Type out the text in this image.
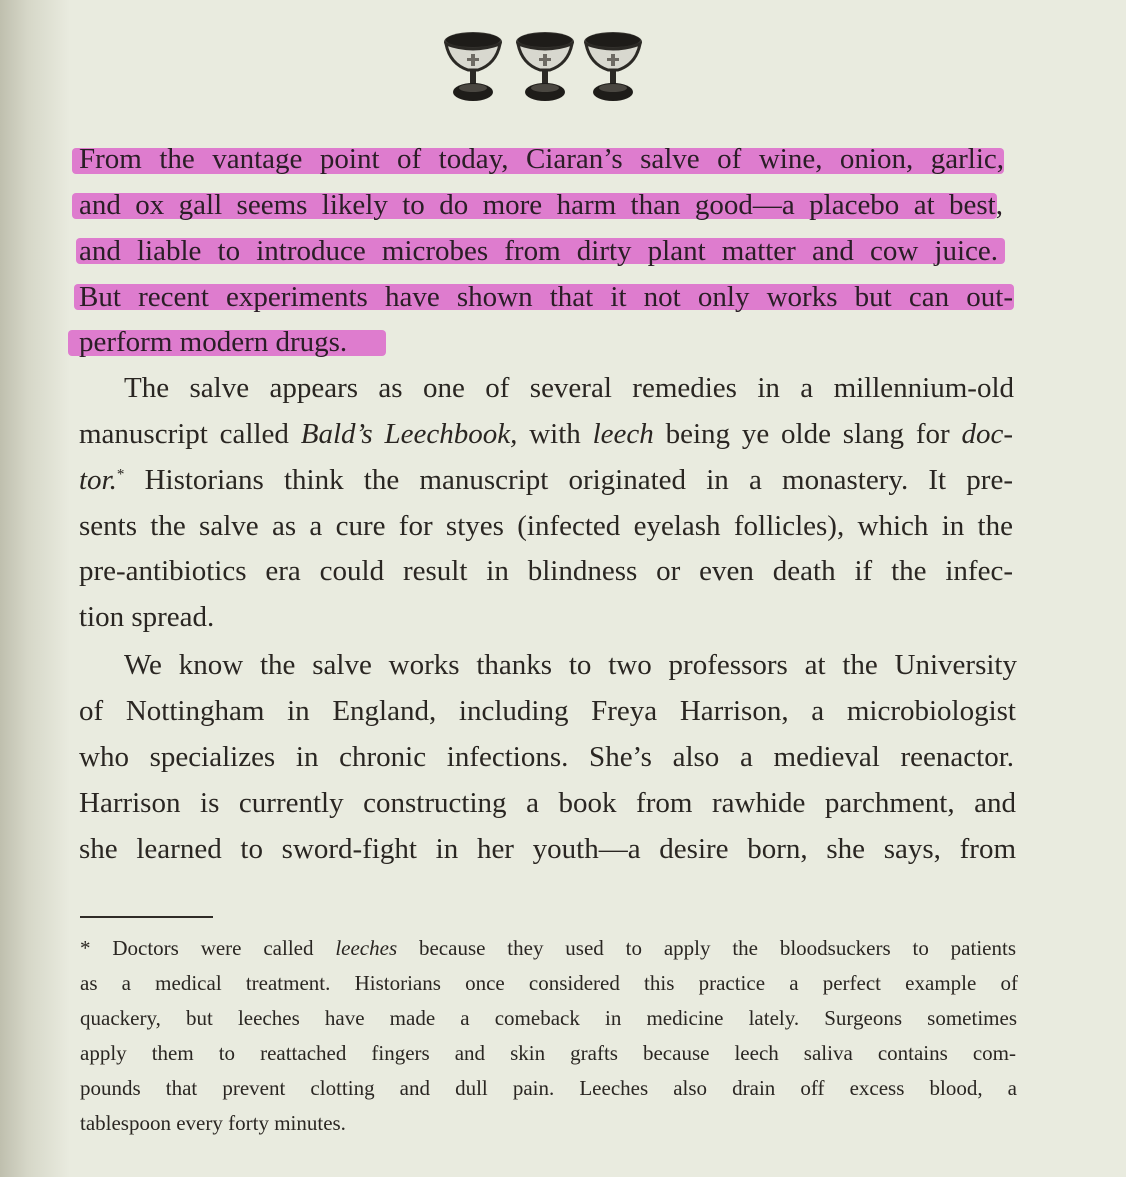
From the vantage point of today, Ciaran’s salve of wine, onion, garlic,
and ox gall seems likely to do more harm than good—a placebo at best,
and liable to introduce microbes from dirty plant matter and cow juice.
But recent experiments have shown that it not only works but can out-
perform modern drugs.
The salve appears as one of several remedies in a millennium-old
manuscript called Bald’s Leechbook, with leech being ye olde slang for doc-
tor.* Historians think the manuscript originated in a monastery. It pre-
sents the salve as a cure for styes (infected eyelash follicles), which in the
pre-antibiotics era could result in blindness or even death if the infec-
tion spread.
We know the salve works thanks to two professors at the University
of Nottingham in England, including Freya Harrison, a microbiologist
who specializes in chronic infections. She’s also a medieval reenactor.
Harrison is currently constructing a book from rawhide parchment, and
she learned to sword-fight in her youth—a desire born, she says, from
* Doctors were called leeches because they used to apply the bloodsuckers to patients
as a medical treatment. Historians once considered this practice a perfect example of
quackery, but leeches have made a comeback in medicine lately. Surgeons sometimes
apply them to reattached fingers and skin grafts because leech saliva contains com-
pounds that prevent clotting and dull pain. Leeches also drain off excess blood, a
tablespoon every forty minutes.
